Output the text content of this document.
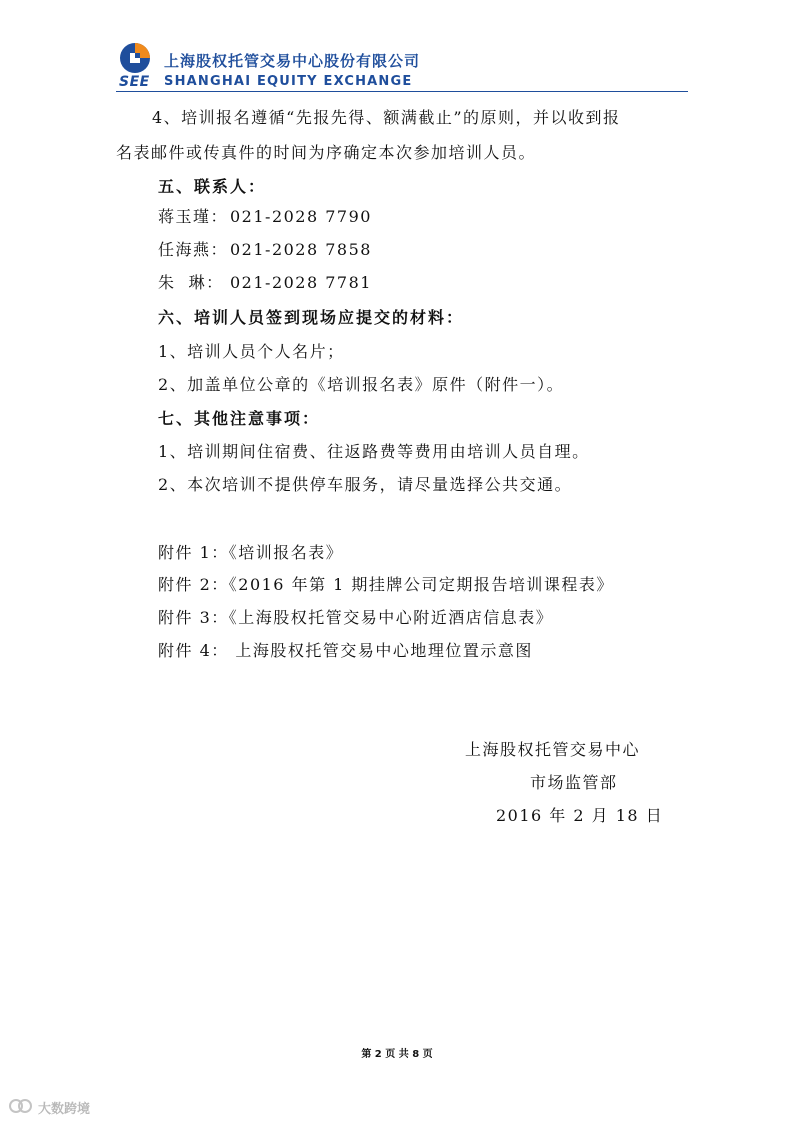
SEE
上海股权托管交易中心股份有限公司
SHANGHAI EQUITY EXCHANGE
4、培训报名遵循“先报先得、额满截止”的原则，并以收到报
名表邮件或传真件的时间为序确定本次参加培训人员。
五、联系人：
蒋玉瑾： 021-2028 7790
任海燕： 021-2028 7858
朱  琳： 021-2028 7781
六、培训人员签到现场应提交的材料：
1、培训人员个人名片；
2、加盖单位公章的《培训报名表》原件（附件一）。
七、其他注意事项：
1、培训期间住宿费、往返路费等费用由培训人员自理。
2、本次培训不提供停车服务，请尽量选择公共交通。
附件 1：《培训报名表》
附件 2：《2016 年第 1 期挂牌公司定期报告培训课程表》
附件 3：《上海股权托管交易中心附近酒店信息表》
附件 4： 上海股权托管交易中心地理位置示意图
上海股权托管交易中心
市场监管部
2016 年 2 月 18 日
第 2 页 共 8 页
大数跨境
